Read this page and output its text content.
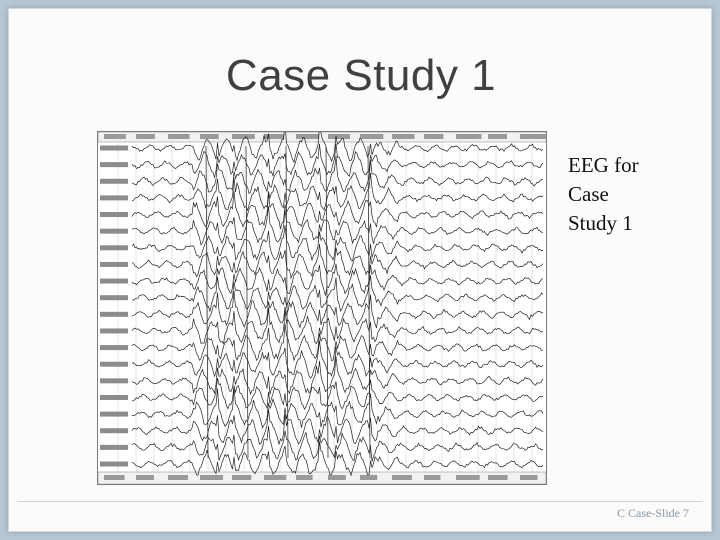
Case Study 1
EEG for
Case
Study 1
C Case-Slide 7
